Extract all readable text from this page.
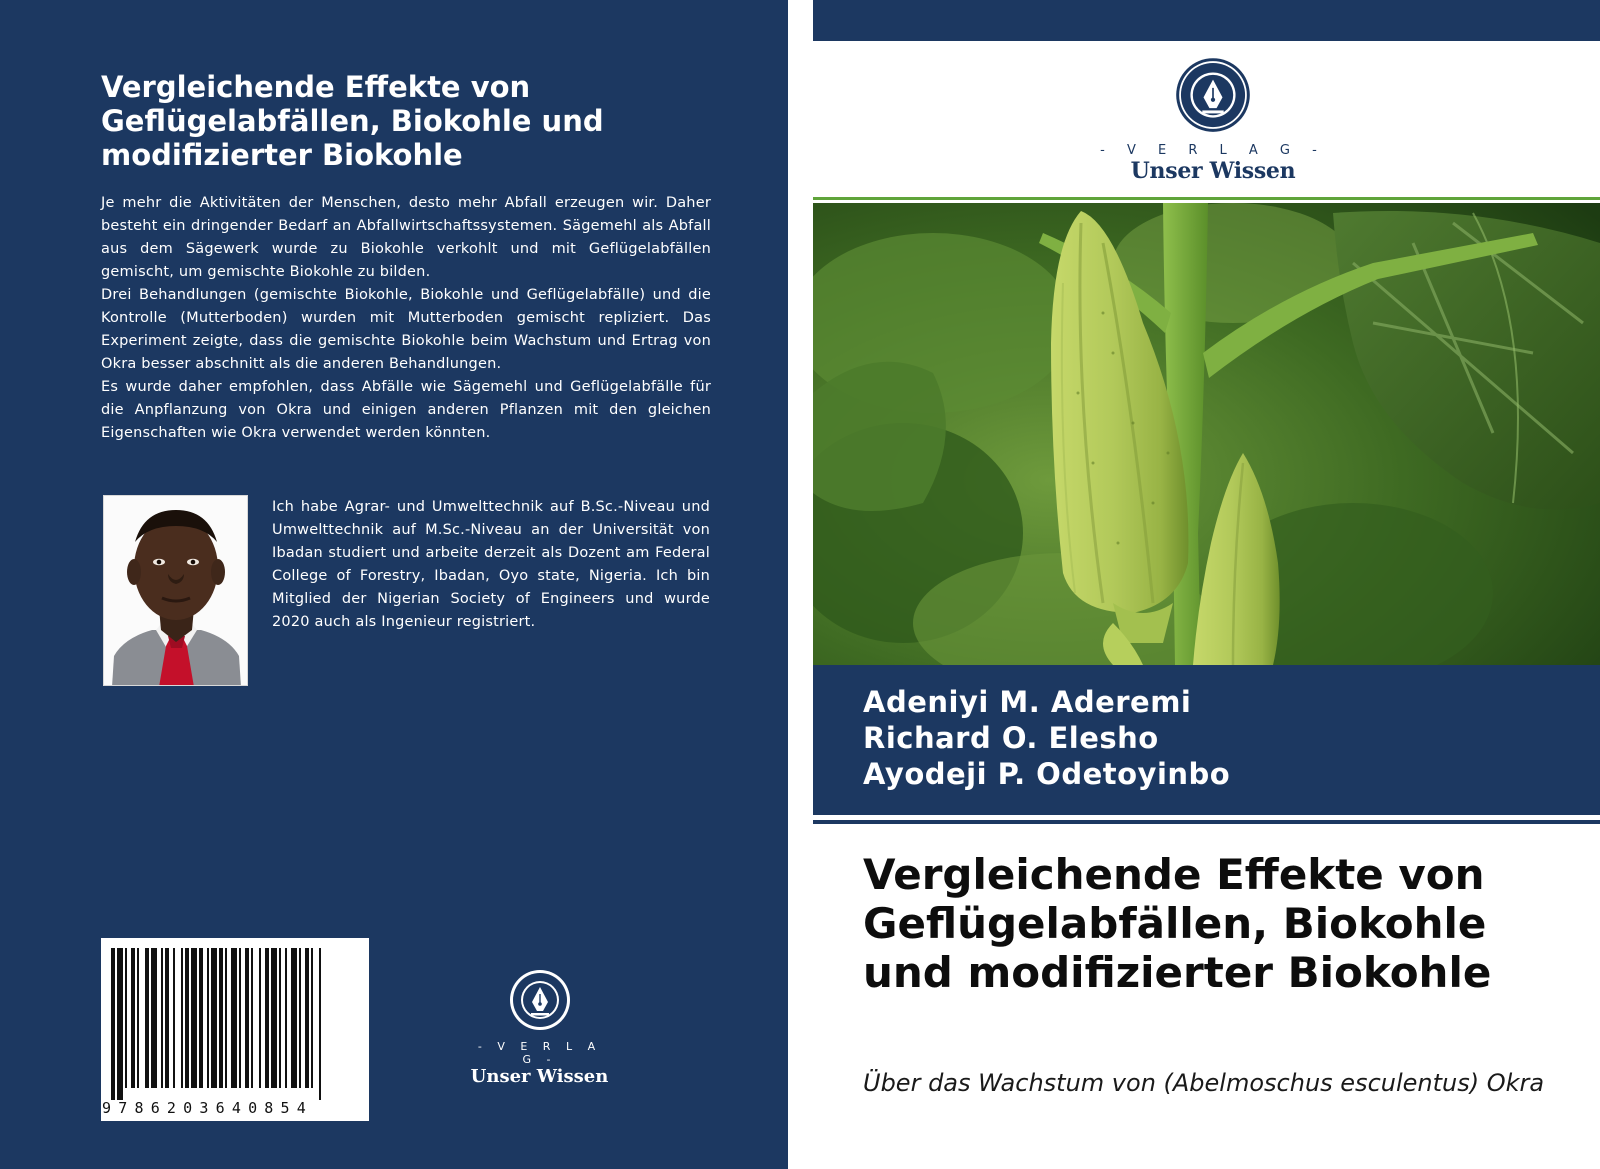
Vergleichende Effekte von Geflügelabfällen, Biokohle und modifizierter Biokohle

Je mehr die Aktivitäten der Menschen, desto mehr Abfall erzeugen wir. Daher besteht ein dringender Bedarf an Abfallwirtschaftssystemen. Sägemehl als Abfall aus dem Sägewerk wurde zu Biokohle verkohlt und mit Geflügelabfällen gemischt, um gemischte Biokohle zu bilden.

Drei Behandlungen (gemischte Biokohle, Biokohle und Geflügelabfälle) und die Kontrolle (Mutterboden) wurden mit Mutterboden gemischt repliziert. Das Experiment zeigte, dass die gemischte Biokohle beim Wachstum und Ertrag von Okra besser abschnitt als die anderen Behandlungen.

Es wurde daher empfohlen, dass Abfälle wie Sägemehl und Geflügelabfälle für die Anpflanzung von Okra und einigen anderen Pflanzen mit den gleichen Eigenschaften wie Okra verwendet werden könnten.

Ich habe Agrar- und Umwelttechnik auf B.Sc.-Niveau und Umwelttechnik auf M.Sc.-Niveau an der Universität von Ibadan studiert und arbeite derzeit als Dozent am Federal College of Forestry, Ibadan, Oyo state, Nigeria. Ich bin Mitglied der Nigerian Society of Engineers und wurde 2020 auch als Ingenieur registriert.
9786203640854
- V E R L A G -
Unser Wissen
- V E R L A G -
Unser Wissen
Adeniyi M. Aderemi
Richard O. Elesho
Ayodeji P. Odetoyinbo
Vergleichende Effekte von Geflügelabfällen, Biokohle und modifizierter Biokohle
Über das Wachstum von (Abelmoschus esculentus) Okra
